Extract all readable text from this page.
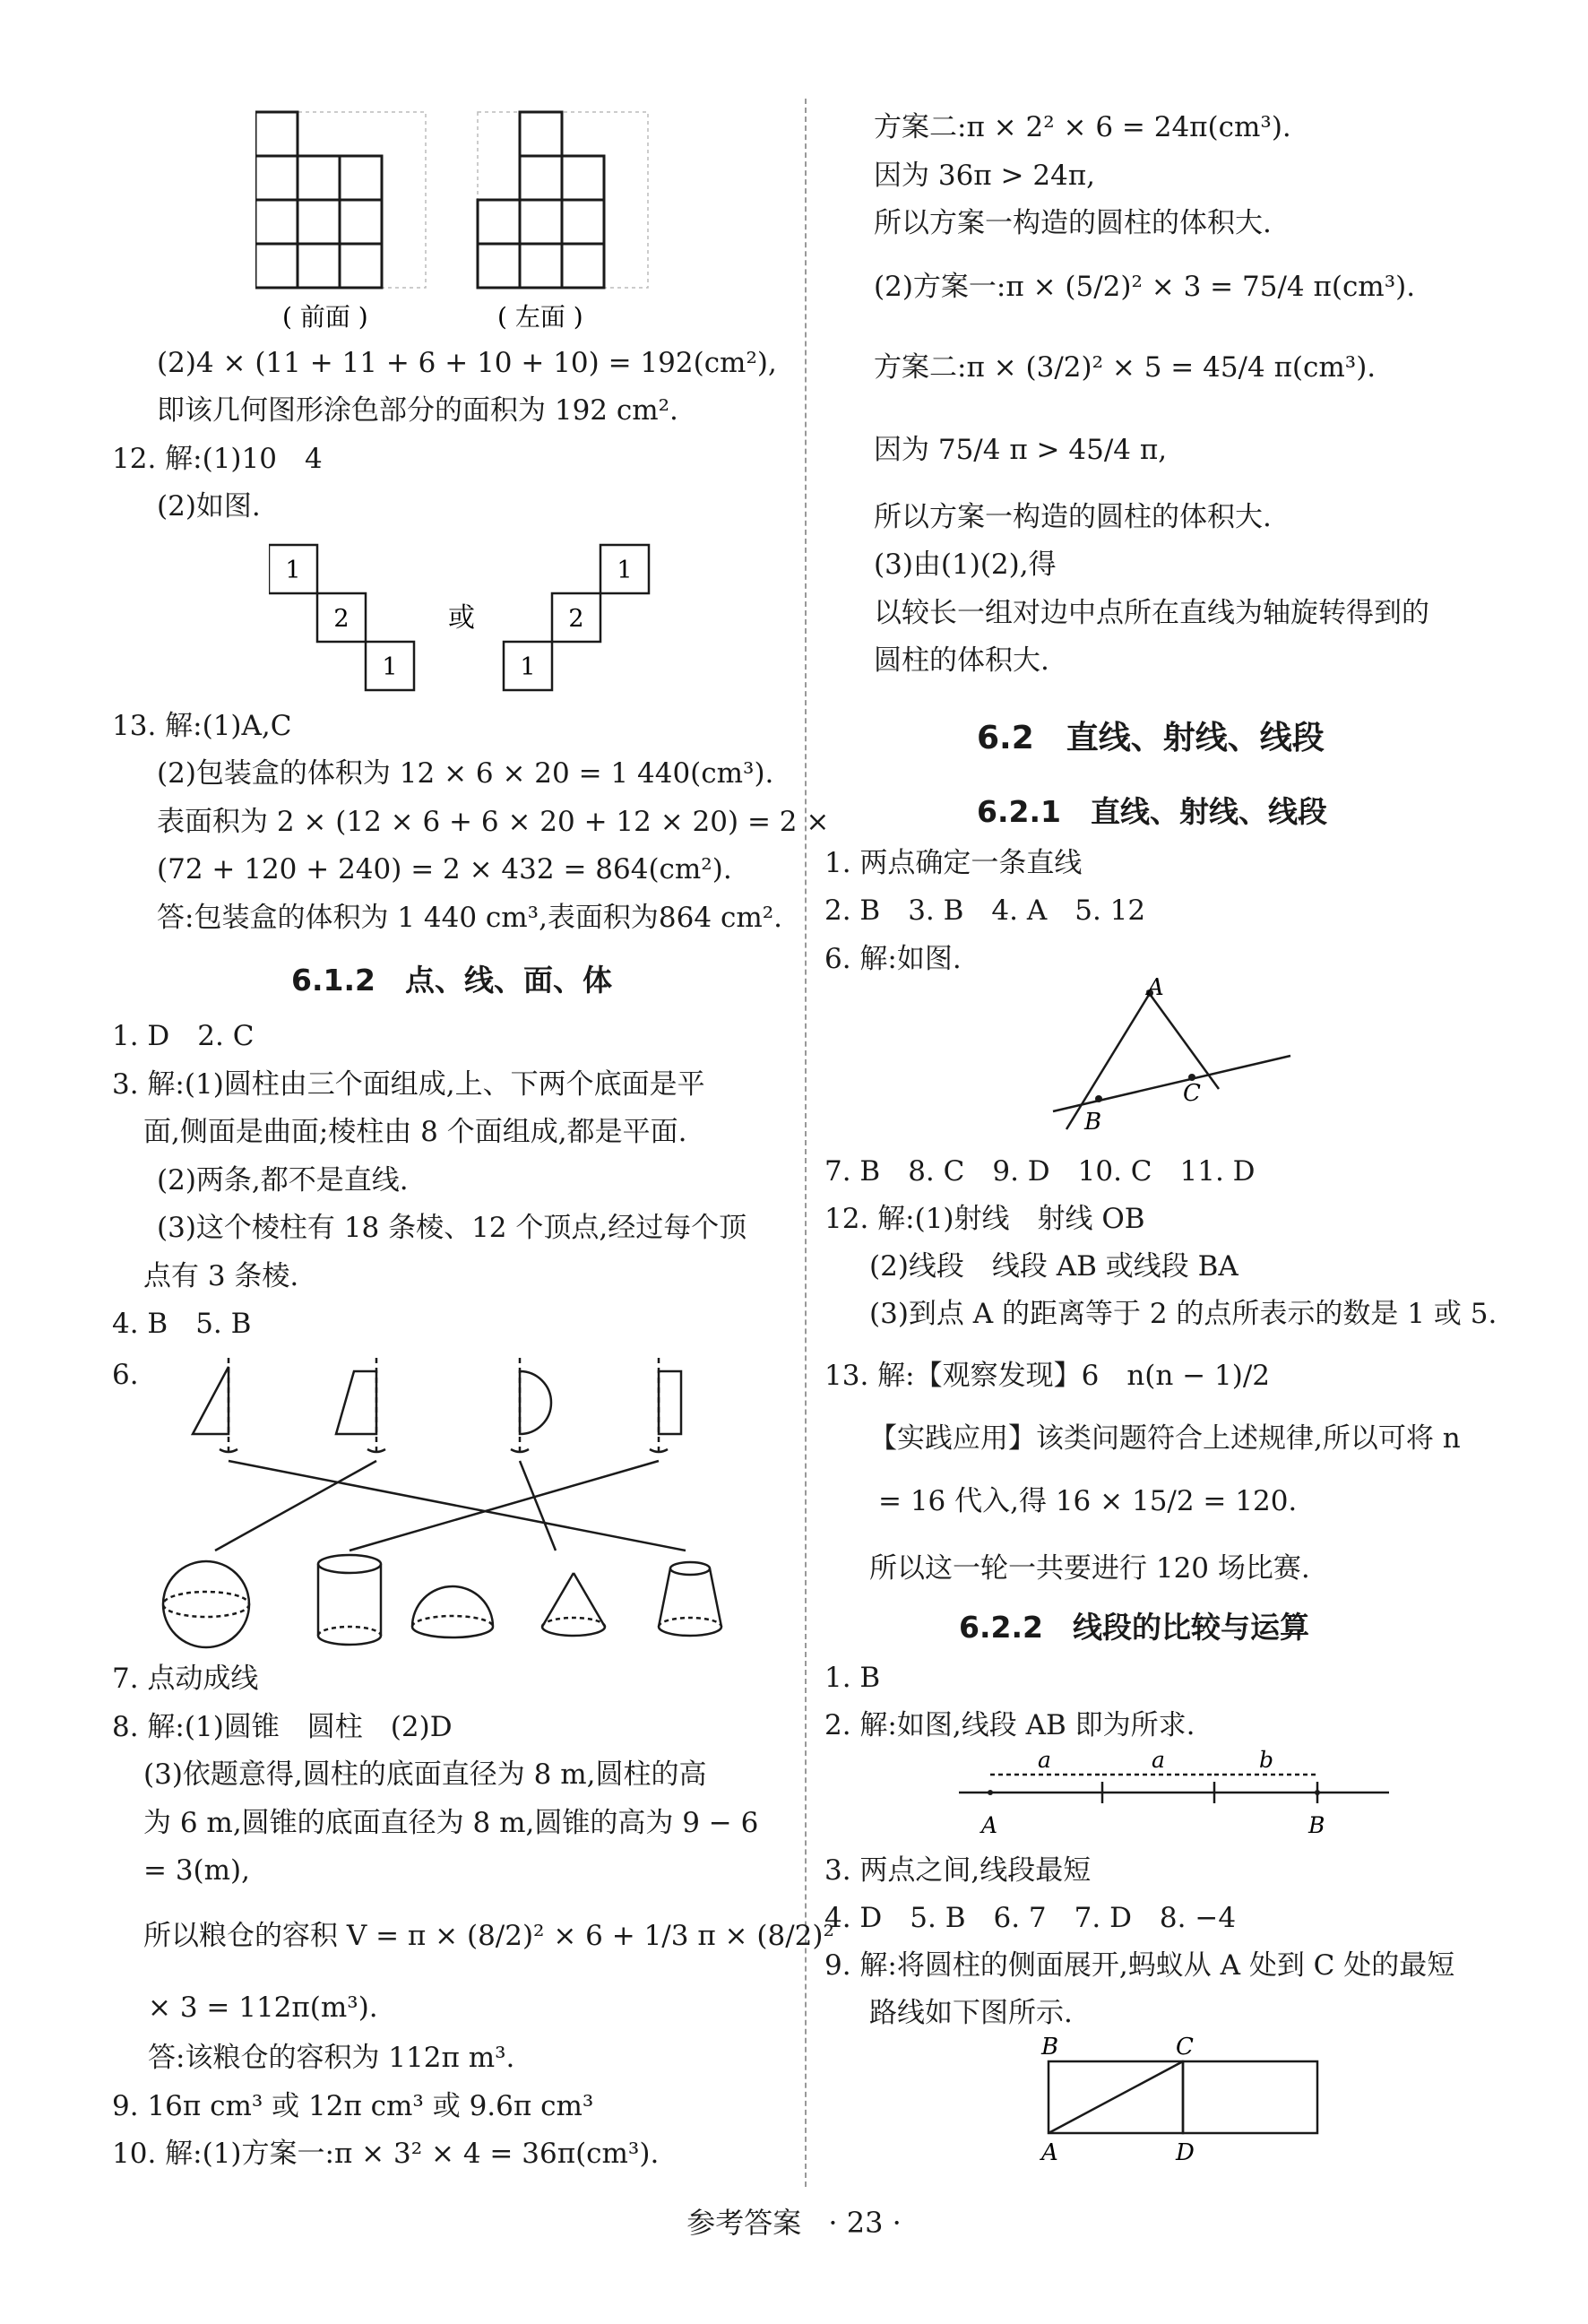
( 前面 )	( 左面 )
(2)4 × (11 + 11 + 6 + 10 + 10) = 192(cm²),
即该几何图形涂色部分的面积为 192 cm².
12. 解:(1)10　4
(2)如图.
1
2
1
或
1
2
1
13. 解:(1)A,C
(2)包装盒的体积为 12 × 6 × 20 = 1 440(cm³).
表面积为 2 × (12 × 6 + 6 × 20 + 12 × 20) = 2 ×
(72 + 120 + 240) = 2 × 432 = 864(cm²).
答:包装盒的体积为 1 440 cm³,表面积为864 cm².
6.1.2　点、线、面、体
1. D　2. C
3. 解:(1)圆柱由三个面组成,上、下两个底面是平
面,侧面是曲面;棱柱由 8 个面组成,都是平面.
(2)两条,都不是直线.
(3)这个棱柱有 18 条棱、12 个顶点,经过每个顶
点有 3 条棱.
4. B　5. B
6.
7. 点动成线
8. 解:(1)圆锥　圆柱　(2)D
(3)依题意得,圆柱的底面直径为 8 m,圆柱的高
为 6 m,圆锥的底面直径为 8 m,圆锥的高为 9 − 6
= 3(m),
所以粮仓的容积 V = π × (8/2)² × 6 + 1/3 π × (8/2)²
× 3 = 112π(m³).
答:该粮仓的容积为 112π m³.
9. 16π cm³ 或 12π cm³ 或 9.6π cm³
10. 解:(1)方案一:π × 3² × 4 = 36π(cm³).
方案二:π × 2² × 6 = 24π(cm³).
因为 36π > 24π,
所以方案一构造的圆柱的体积大.
(2)方案一:π × (5/2)² × 3 = 75/4 π(cm³).
方案二:π × (3/2)² × 5 = 45/4 π(cm³).
因为 75/4 π > 45/4 π,
所以方案一构造的圆柱的体积大.
(3)由(1)(2),得
以较长一组对边中点所在直线为轴旋转得到的
圆柱的体积大.
6.2　直线、射线、线段
6.2.1　直线、射线、线段
1. 两点确定一条直线
2. B　3. B　4. A　5. 12
6. 解:如图.
A
B
C
7. B　8. C　9. D　10. C　11. D
12. 解:(1)射线　射线 OB
(2)线段　线段 AB 或线段 BA
(3)到点 A 的距离等于 2 的点所表示的数是 1 或 5.
13. 解:【观察发现】6　n(n − 1)/2
【实践应用】该类问题符合上述规律,所以可将 n
= 16 代入,得 16 × 15/2 = 120.
所以这一轮一共要进行 120 场比赛.
6.2.2　线段的比较与运算
1. B
2. 解:如图,线段 AB 即为所求.
a	a	b
A	B
3. 两点之间,线段最短
4. D　5. B　6. 7　7. D　8. −4
9. 解:将圆柱的侧面展开,蚂蚁从 A 处到 C 处的最短
路线如下图所示.
B	C
A	D
参考答案 · 23 ·
